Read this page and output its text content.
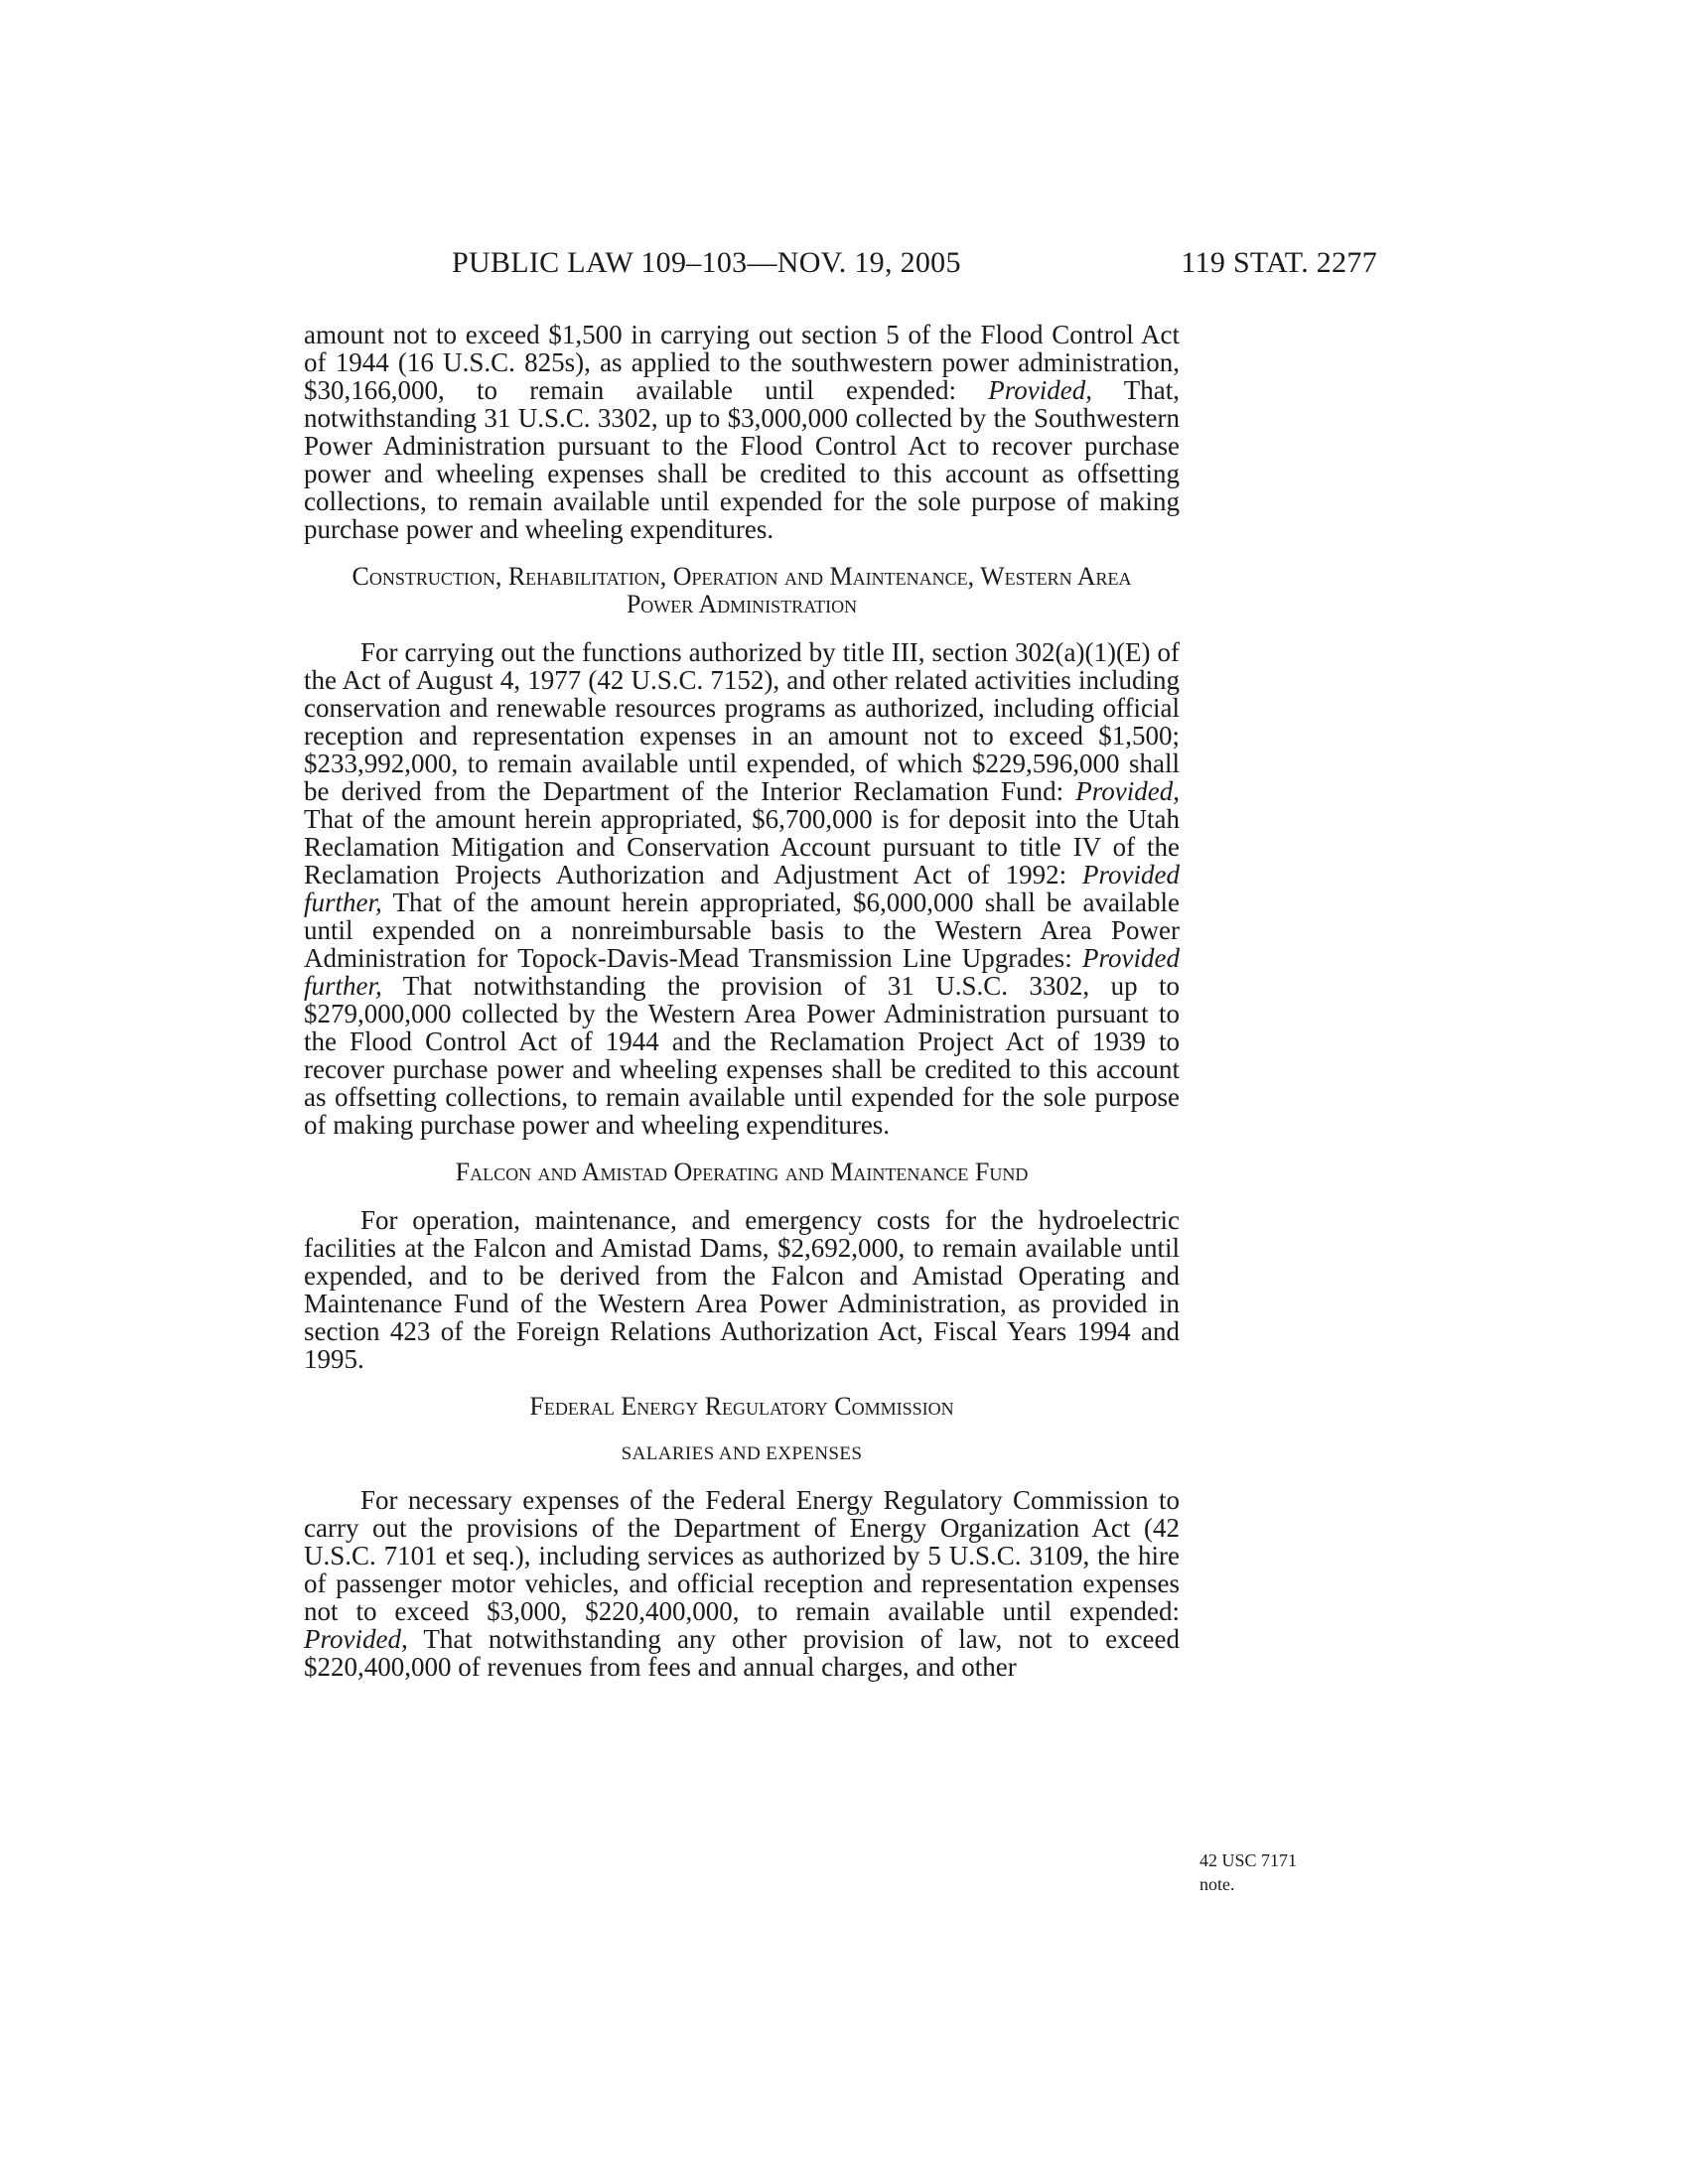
PUBLIC LAW 109–103—NOV. 19, 2005	119 STAT. 2277

amount not to exceed $1,500 in carrying out section 5 of the Flood Control Act of 1944 (16 U.S.C. 825s), as applied to the southwestern power administration, $30,166,000, to remain available until expended: Provided, That, notwithstanding 31 U.S.C. 3302, up to $3,000,000 collected by the Southwestern Power Administration pursuant to the Flood Control Act to recover purchase power and wheeling expenses shall be credited to this account as offsetting collections, to remain available until expended for the sole purpose of making purchase power and wheeling expenditures.

Construction, Rehabilitation, Operation and Maintenance, Western Area Power Administration

For carrying out the functions authorized by title III, section 302(a)(1)(E) of the Act of August 4, 1977 (42 U.S.C. 7152), and other related activities including conservation and renewable resources programs as authorized, including official reception and representation expenses in an amount not to exceed $1,500; $233,992,000, to remain available until expended, of which $229,596,000 shall be derived from the Department of the Interior Reclamation Fund: Provided, That of the amount herein appropriated, $6,700,000 is for deposit into the Utah Reclamation Mitigation and Conservation Account pursuant to title IV of the Reclamation Projects Authorization and Adjustment Act of 1992: Provided further, That of the amount herein appropriated, $6,000,000 shall be available until expended on a nonreimbursable basis to the Western Area Power Administration for Topock-Davis-Mead Transmission Line Upgrades: Provided further, That notwithstanding the provision of 31 U.S.C. 3302, up to $279,000,000 collected by the Western Area Power Administration pursuant to the Flood Control Act of 1944 and the Reclamation Project Act of 1939 to recover purchase power and wheeling expenses shall be credited to this account as offsetting collections, to remain available until expended for the sole purpose of making purchase power and wheeling expenditures.

Falcon and Amistad Operating and Maintenance Fund

For operation, maintenance, and emergency costs for the hydroelectric facilities at the Falcon and Amistad Dams, $2,692,000, to remain available until expended, and to be derived from the Falcon and Amistad Operating and Maintenance Fund of the Western Area Power Administration, as provided in section 423 of the Foreign Relations Authorization Act, Fiscal Years 1994 and 1995.

Federal Energy Regulatory Commission
SALARIES AND EXPENSES

For necessary expenses of the Federal Energy Regulatory Commission to carry out the provisions of the Department of Energy Organization Act (42 U.S.C. 7101 et seq.), including services as authorized by 5 U.S.C. 3109, the hire of passenger motor vehicles, and official reception and representation expenses not to exceed $3,000, $220,400,000, to remain available until expended: Provided, That notwithstanding any other provision of law, not to exceed $220,400,000 of revenues from fees and annual charges, and other

42 USC 7171
note.
